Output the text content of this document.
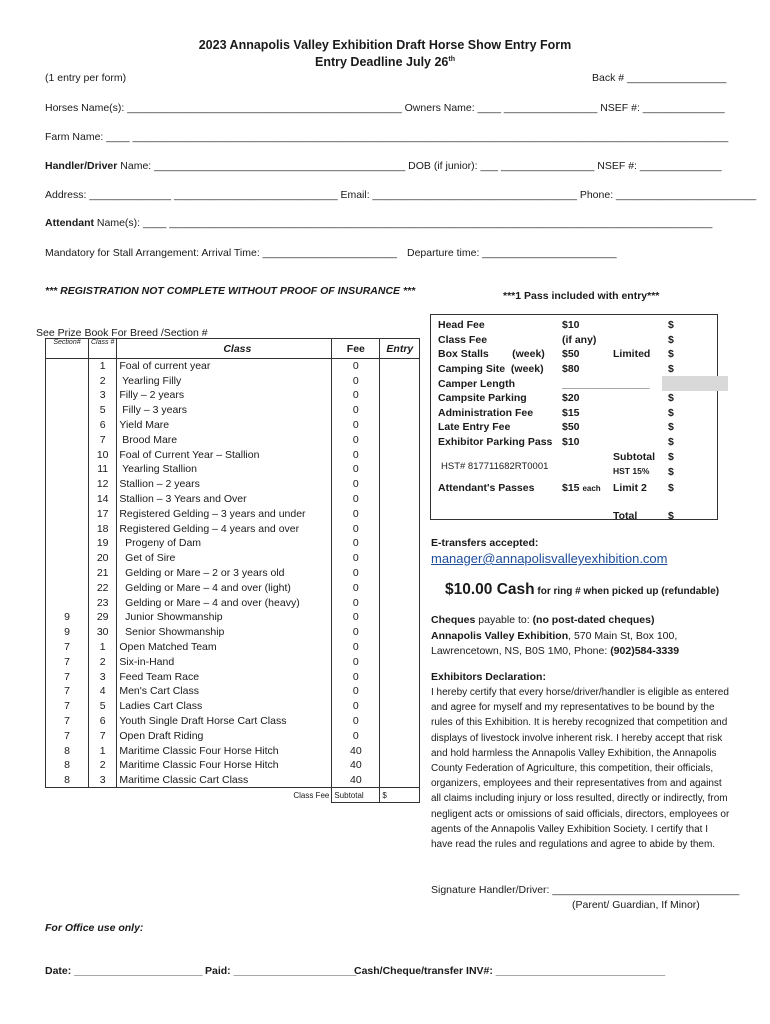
2023 Annapolis Valley Exhibition Draft Horse Show Entry Form
Entry Deadline July 26th
(1 entry per form)	Back # _________________
Horses Name(s): _______________________________________________ Owners Name: ____ ________________ NSEF #: ______________
Farm Name: ____ ______________________________________________________________________________________________________
Handler/Driver Name: ___________________________________________ DOB (if junior): ___ ________________ NSEF #: ______________
Address: ______________ ____________________________ Email: ___________________________________ Phone: ________________________
Attendant Name(s): ____ _____________________________________________________________________________________________
Mandatory for Stall Arrangement: Arrival Time: _______________________ Departure time: _______________________
*** REGISTRATION NOT COMPLETE WITHOUT PROOF OF INSURANCE ***	***1 Pass included with entry***
See Prize Book For Breed /Section #
Section#	Class #	Class	Fee	Entry
	1	Foal of current year	0	
	2	Yearling Filly	0	
	3	Filly – 2 years	0	
	5	Filly – 3 years	0	
	6	Yield Mare	0	
	7	Brood Mare	0	
	10	Foal of Current Year – Stallion	0	
	11	Yearling Stallion	0	
	12	Stallion – 2 years	0	
	14	Stallion – 3 Years and Over	0	
	17	Registered Gelding – 3 years and under	0	
	18	Registered Gelding – 4 years and over	0	
	19	Progeny of Dam	0	
	20	Get of Sire	0	
	21	Gelding or Mare – 2 or 3 years old	0	
	22	Gelding or Mare – 4 and over (light)	0	
	23	Gelding or Mare – 4 and over (heavy)	0	
9	29	Junior Showmanship	0	
9	30	Senior Showmanship	0	
7	1	Open Matched Team	0	
7	2	Six-in-Hand	0	
7	3	Feed Team Race	0	
7	4	Men's Cart Class	0	
7	5	Ladies Cart Class	0	
7	6	Youth Single Draft Horse Cart Class	0	
7	7	Open Draft Riding	0	
8	1	Maritime Classic Four Horse Hitch	40	
8	2	Maritime Classic Four Horse Hitch	40	
8	3	Maritime Classic Cart Class	40	
		Class Fee	Subtotal	$
Head Fee	$10	$
Class Fee	(if any)	$
Box Stalls        (week) $50	Limited $
Camping Site  (week) $80	$
Camper Length	_______________
Campsite Parking	$20	$
Administration Fee	$15	$
Late Entry Fee	$50	$
Exhibitor Parking Pass $10	$
Subtotal $
HST# 817711682RT0001	HST 15% $
Attendant's Passes	$15 each Limit 2 $
Total	$
E-transfers accepted:
manager@annapolisvalleyexhibition.com
$10.00 Cash for ring # when picked up (refundable)
Cheques payable to: (no post-dated cheques)
Annapolis Valley Exhibition, 570 Main St, Box 100,
Lawrencetown, NS, B0S 1M0, Phone: (902)584-3339
Exhibitors Declaration:
I hereby certify that every horse/driver/handler is eligible as entered and agree for myself and my representatives to be bound by the rules of this Exhibition. It is hereby recognized that competition and displays of livestock involve inherent risk. I hereby accept that risk and hold harmless the Annapolis Valley Exhibition, the Annapolis County Federation of Agriculture, this competition, their officials, organizers, employees and their representatives from and against all claims including injury or loss resulted, directly or indirectly, from negligent acts or omissions of said officials, directors, employees or agents of the Annapolis Valley Exhibition Society. I certify that I have read the rules and regulations and agree to abide by them.
Signature Handler/Driver: ________________________________
(Parent/ Guardian, If Minor)
For Office use only:
Date: ______________________ Paid: _____________________
Cash/Cheque/transfer INV#: _____________________________
